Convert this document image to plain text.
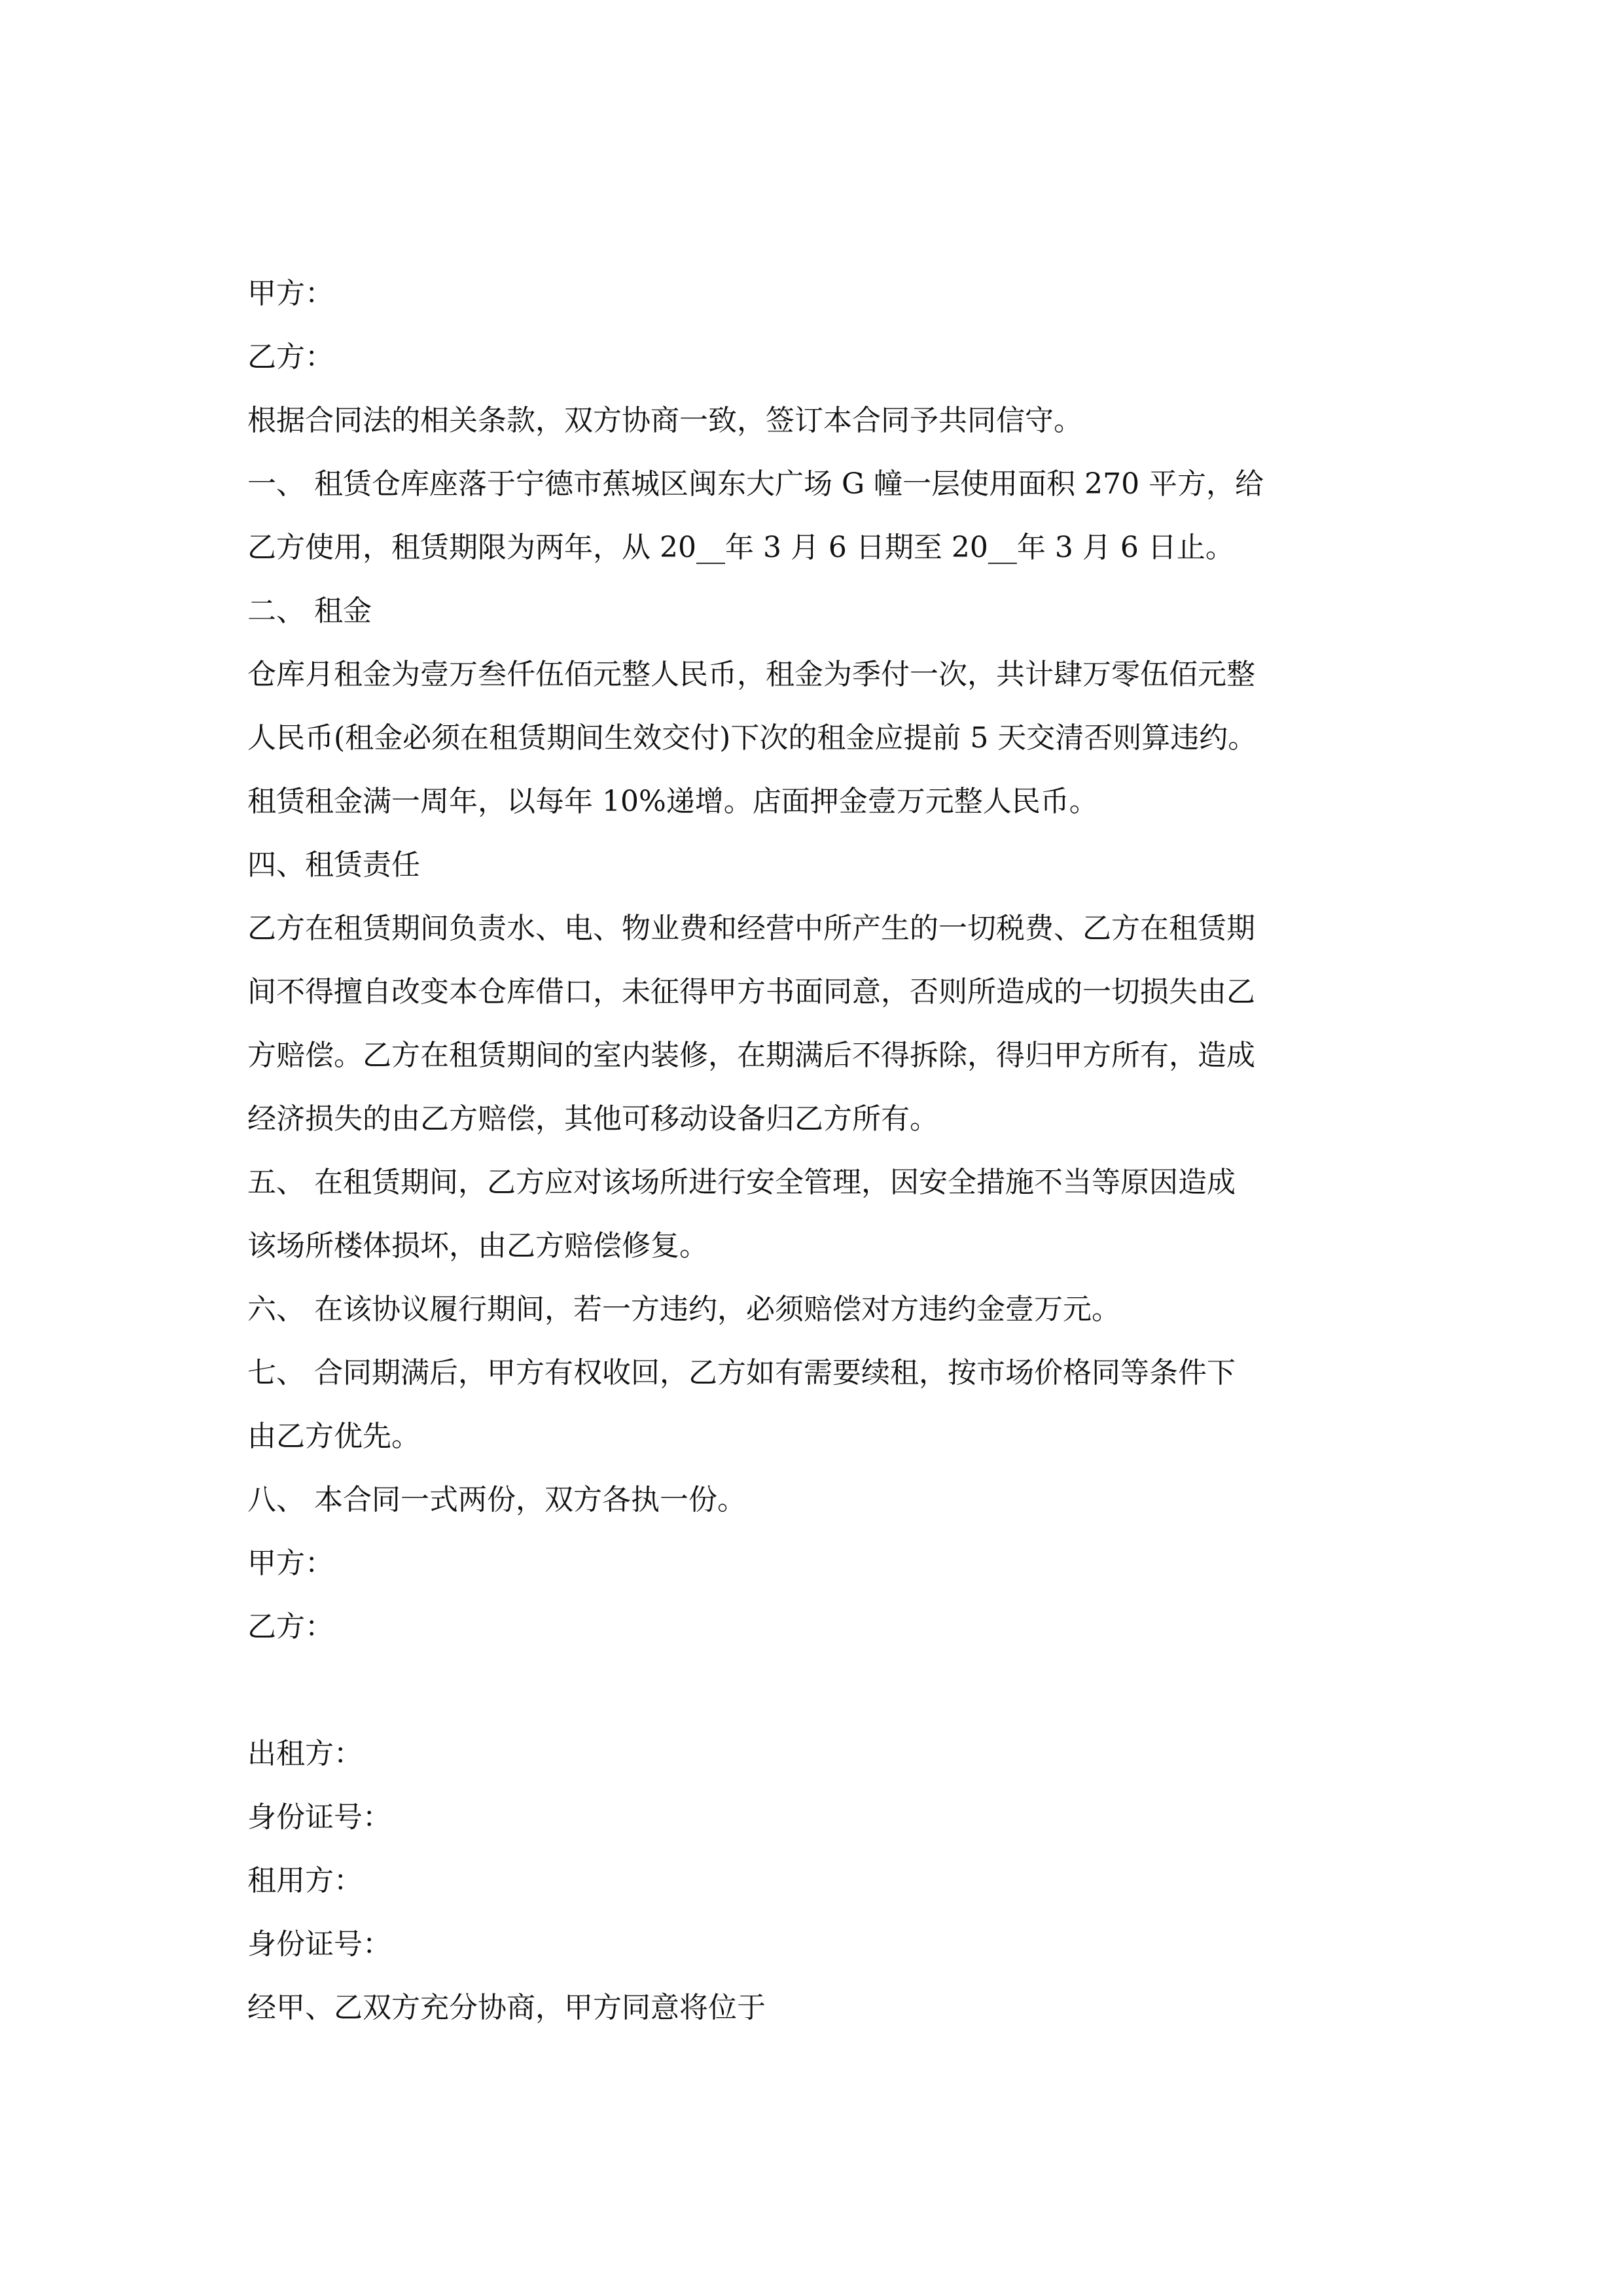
甲方：
乙方：
根据合同法的相关条款，双方协商一致，签订本合同予共同信守。
一、 租赁仓库座落于宁德市蕉城区闽东大广场 G 幢一层使用面积 270 平方，给
乙方使用，租赁期限为两年，从 20__年 3 月 6 日期至 20__年 3 月 6 日止。
二、 租金
仓库月租金为壹万叁仟伍佰元整人民币，租金为季付一次，共计肆万零伍佰元整
人民币(租金必须在租赁期间生效交付)下次的租金应提前 5 天交清否则算违约。
租赁租金满一周年，以每年 10%递增。店面押金壹万元整人民币。
四、租赁责任
乙方在租赁期间负责水、电、物业费和经营中所产生的一切税费、乙方在租赁期
间不得擅自改变本仓库借口，未征得甲方书面同意，否则所造成的一切损失由乙
方赔偿。乙方在租赁期间的室内装修，在期满后不得拆除，得归甲方所有，造成
经济损失的由乙方赔偿，其他可移动设备归乙方所有。
五、 在租赁期间，乙方应对该场所进行安全管理，因安全措施不当等原因造成
该场所楼体损坏，由乙方赔偿修复。
六、 在该协议履行期间，若一方违约，必须赔偿对方违约金壹万元。
七、 合同期满后，甲方有权收回，乙方如有需要续租，按市场价格同等条件下
由乙方优先。
八、 本合同一式两份，双方各执一份。
甲方：
乙方：
出租方：
身份证号：
租用方：
身份证号：
经甲、乙双方充分协商，甲方同意将位于
